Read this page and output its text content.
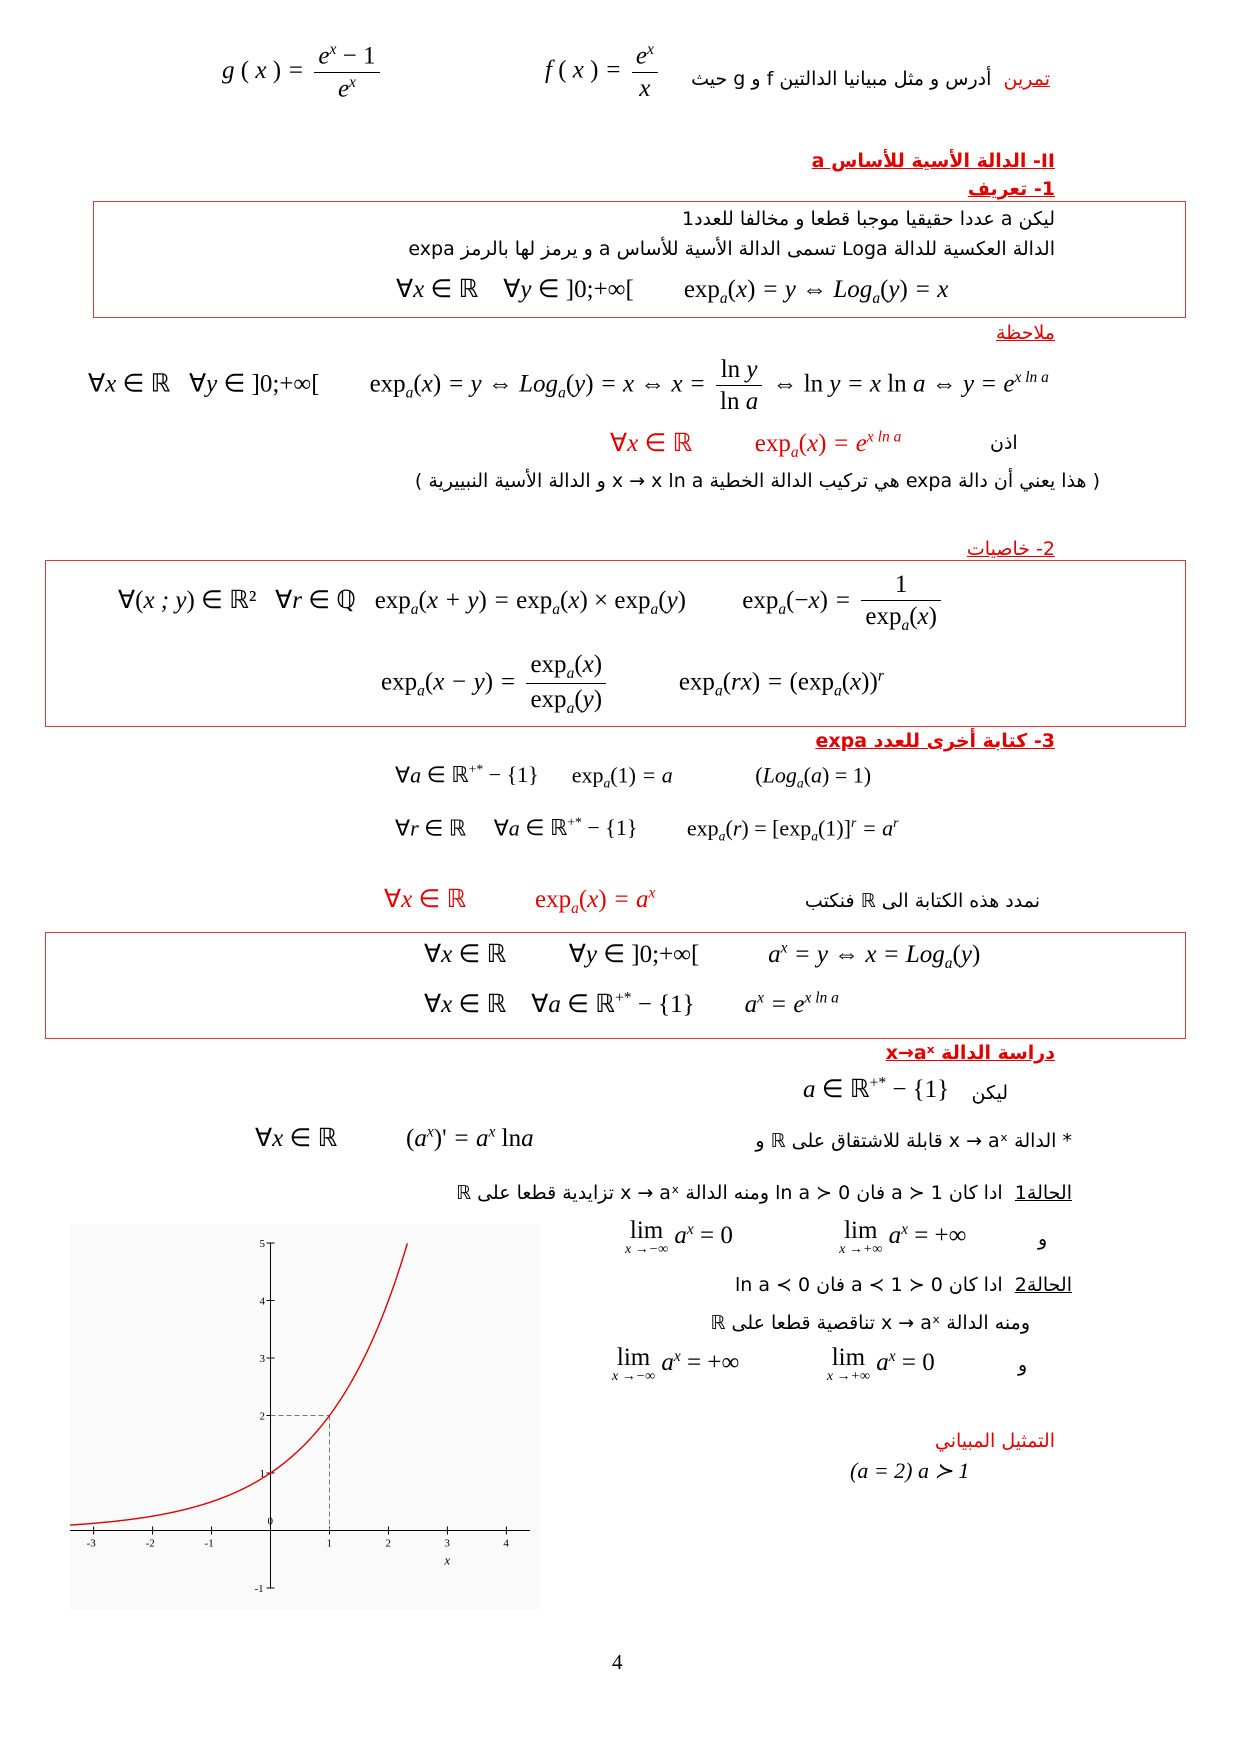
تمرين  أدرس و مثل مبيانيا الدالتين f و g حيث
f ( x ) = $\frac{e^x}{x}$
g ( x ) = $\frac{e^x - 1}{e^x}$
II- الدالة الأسية للأساس a
1- تعريف
ليكن a عددا حقيقيا موجبا قطعا و مخالفا للعدد1
الدالة العكسية للدالة Loga تسمى الدالة الأسية للأساس a و يرمز لها بالرمز expa
∀x ∈ ℝ ∀y ∈ ]0;+∞[ $\exp_a(x) = y$ ⇔ Log$_a$(y) = x
ملاحظة
∀x ∈ ℝ ∀y ∈ ]0;+∞[ $\exp_a(x) = y$ ⇔ Log$_a$(y) = x ⇔ $x = \frac{\text{ln y}}{\text{ln a}}$ ⇔ ln y = x ln a ⇔ $y = e^{x ln a}$
∀x ∈ ℝ	$\exp_a(x) = e^{x ln a}$	اذن
( هذا يعني أن دالة expa هي تركيب الدالة الخطية x → x ln a و الدالة الأسية النبييرية )
2- خاصيات
∀(x ; y) ∈ ℝ² ∀r ∈ ℚ $\exp_a(x + y) = \exp_a(x) \times \exp_a(y) \exp_a(-x) = \frac{1}{\exp_a(x)}$
$\exp_a(x - y) = \frac{\exp_a(x)}{\exp_a(y)}$	$\exp_a(rx) = (\exp_a(x))^r$
3- كتابة أخرى للعدد expa
∀a ∈ ℝ+* − {1} $\exp_a(1) = a$               (Log$_a$(a) = 1)
∀r ∈ ℝ ∀a ∈ ℝ+* − {1} $\exp_a(r) = [\exp_a(1)]^r = a^r$
∀x ∈ ℝ	$\exp_a(x) = a^x$	نمدد هذه الكتابة الى ℝ فنكتب
∀x ∈ ℝ	∀y ∈ ]0;+∞[           $a^x = y$ ⇔ x = Log$_a$(y)
∀x ∈ ℝ ∀a ∈ ℝ+* − {1}        $a^x = e^{x ln a}$
دراسة الدالة x→aˣ
ليكن
a ∈ ℝ+* − {1}
∀x ∈ ℝ	$(a^x)' = a^x$ lna	* الدالة x → aˣ قابلة للاشتقاق على ℝ و
الحالة1  ادا كان a ≻ 1 فان ln a ≻ 0 ومنه الدالة x → aˣ تزايدية قطعا على ℝ
lim
x →−∞
$a^x = 0$	lim
x →+∞
$a^x$ = +∞	و
الحالة2  ادا كان 0 ≺ a ≺ 1 فان ln a ≺ 0
ومنه الدالة x → aˣ تناقصية قطعا على ℝ
lim
x →−∞
$a^x$ = +∞	lim
x →+∞
$a^x = 0$	و
التمثيل المبياني
(a = 2) a ≻ 1
-3	-2	-1
0
1	2	3	4
-1
1
2
3
4
5
x
4
